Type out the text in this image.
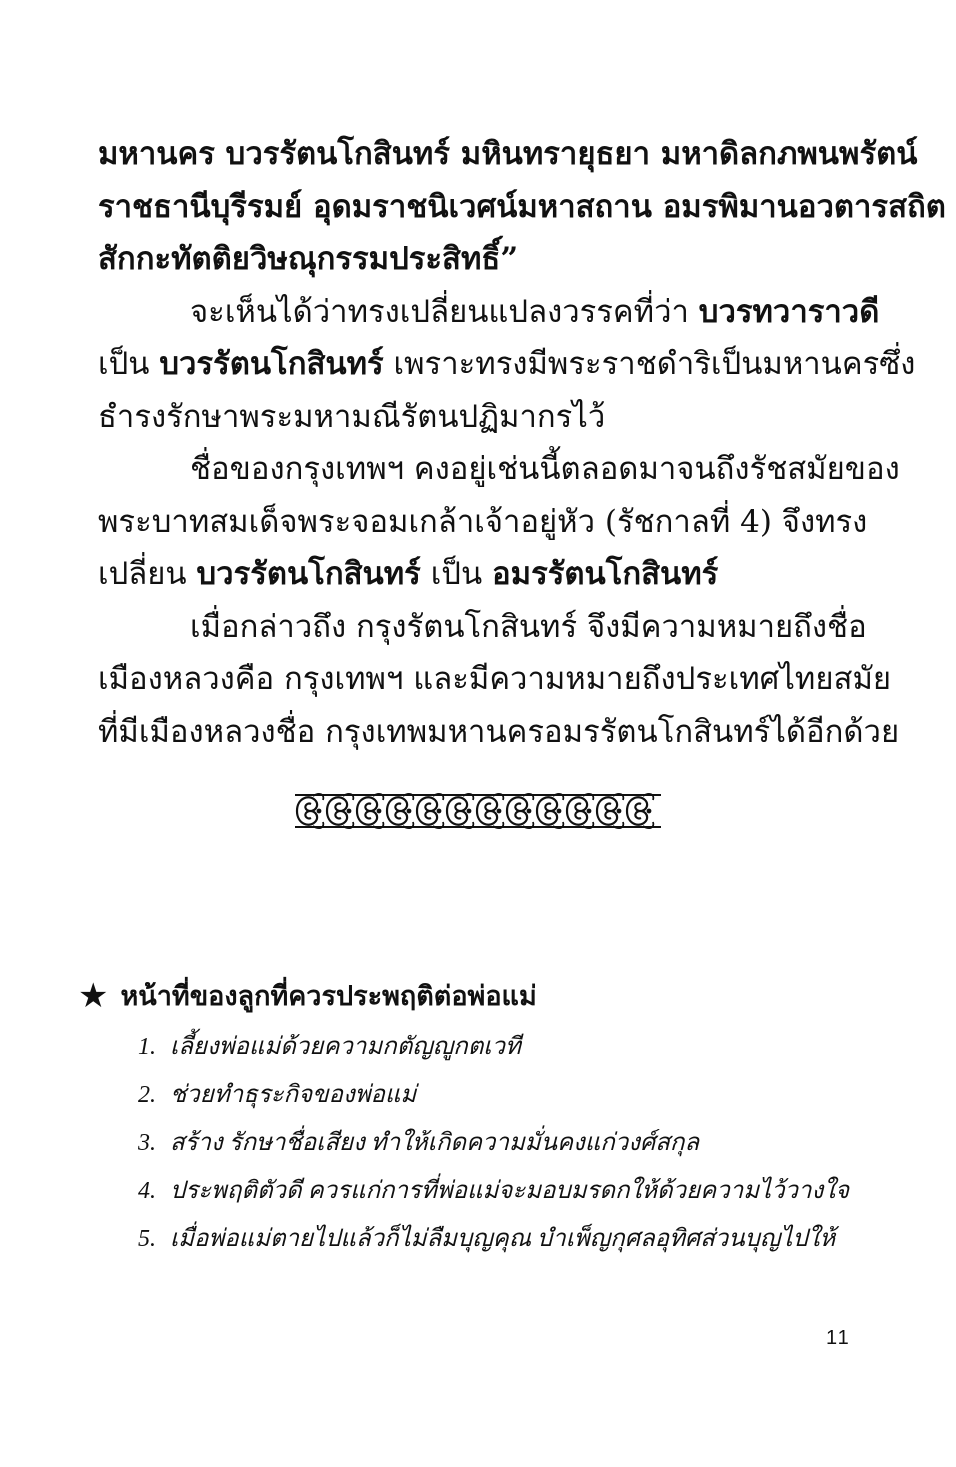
มหานคร บวรรัตนโกสินทร์ มหินทรายุธยา มหาดิลกภพนพรัตน์
ราชธานีบุรีรมย์ อุดมราชนิเวศน์มหาสถาน อมรพิมานอวตารสถิต
สักกะทัตติยวิษณุกรรมประสิทธิ์”
จะเห็นได้ว่าทรงเปลี่ยนแปลงวรรคที่ว่า บวรทวาราวดี
เป็น บวรรัตนโกสินทร์ เพราะทรงมีพระราชดำริเป็นมหานครซึ่ง
ธำรงรักษาพระมหามณีรัตนปฏิมากรไว้
ชื่อของกรุงเทพฯ คงอยู่เช่นนี้ตลอดมาจนถึงรัชสมัยของ
พระบาทสมเด็จพระจอมเกล้าเจ้าอยู่หัว (รัชกาลที่ 4) จึงทรง
เปลี่ยน บวรรัตนโกสินทร์ เป็น อมรรัตนโกสินทร์
เมื่อกล่าวถึง กรุงรัตนโกสินทร์ จึงมีความหมายถึงชื่อ
เมืองหลวงคือ กรุงเทพฯ และมีความหมายถึงประเทศไทยสมัย
ที่มีเมืองหลวงชื่อ กรุงเทพมหานครอมรรัตนโกสินทร์ได้อีกด้วย
★ หน้าที่ของลูกที่ควรประพฤติต่อพ่อแม่
1. เลี้ยงพ่อแม่ด้วยความกตัญญูกตเวที
2. ช่วยทำธุระกิจของพ่อแม่
3. สร้าง รักษาชื่อเสียง ทำให้เกิดความมั่นคงแก่วงศ์สกุล
4. ประพฤติตัวดี ควรแก่การที่พ่อแม่จะมอบมรดกให้ด้วยความไว้วางใจ
5. เมื่อพ่อแม่ตายไปแล้วก็ไม่ลืมบุญคุณ บำเพ็ญกุศลอุทิศส่วนบุญไปให้
11
